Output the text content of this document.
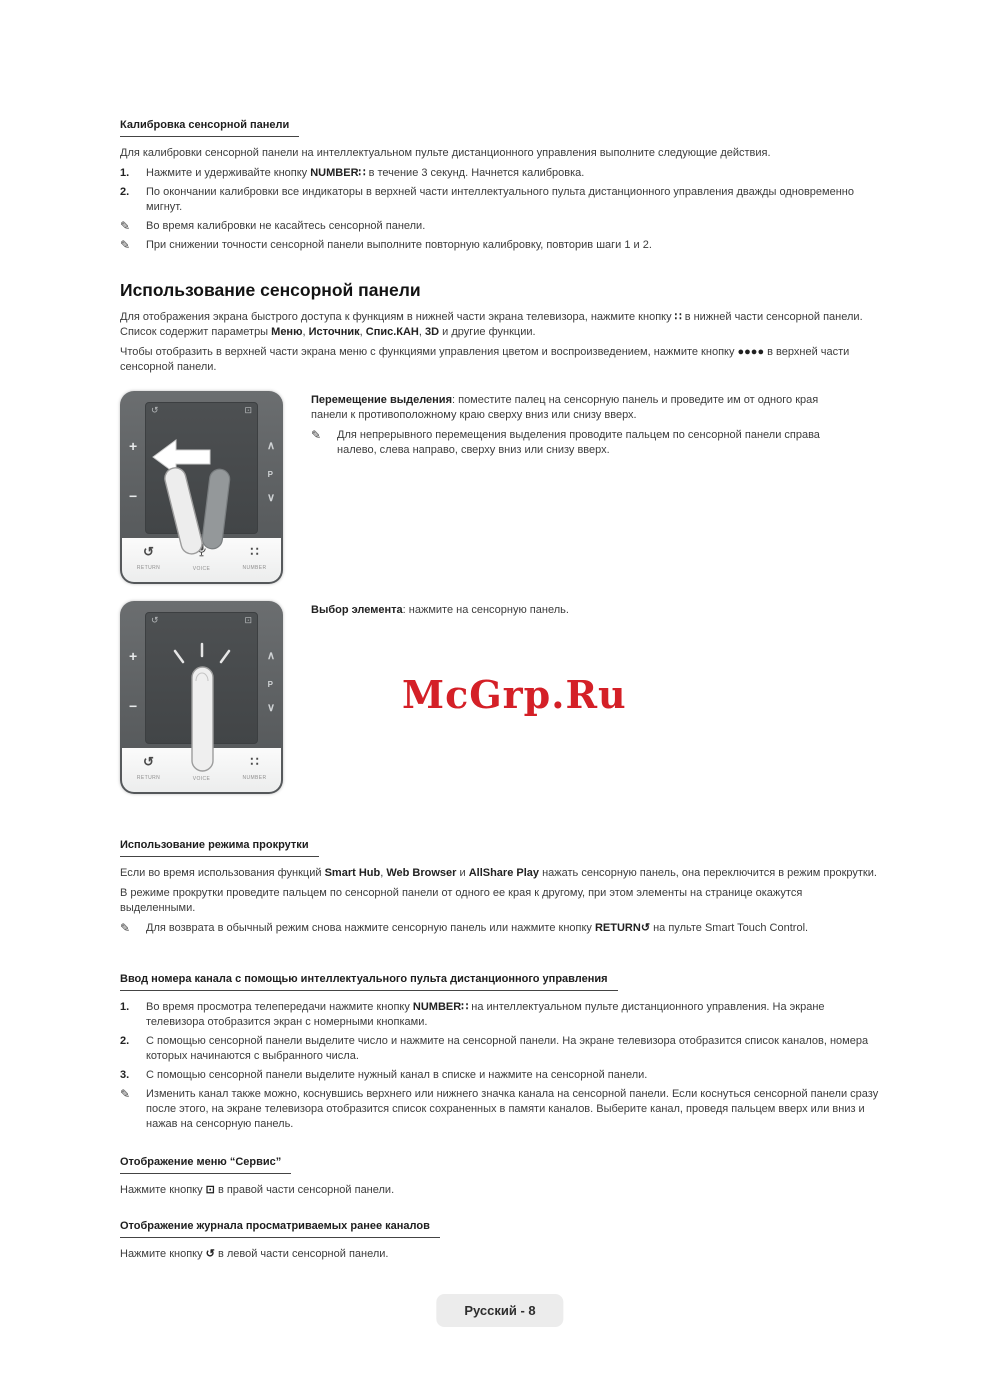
Калибровка сенсорной панели

Для калибровки сенсорной панели на интеллектуальном пульте дистанционного управления выполните следующие действия.

1.	Нажмите и удерживайте кнопку NUMBER∷ в течение 3 секунд. Начнется калибровка.
2.	По окончании калибровки все индикаторы в верхней части интеллектуального пульта дистанционного управления дважды одновременно мигнут.
✎	Во время калибровки не касайтесь сенсорной панели.
✎	При снижении точности сенсорной панели выполните повторную калибровку, повторив шаги 1 и 2.
Использование сенсорной панели

Для отображения экрана быстрого доступа к функциям в нижней части экрана телевизора, нажмите кнопку ∷ в нижней части сенсорной панели. Список содержит параметры Меню, Источник, Спис.КАН, 3D и другие функции.

Чтобы отобразить в верхней части экрана меню с функциями управления цветом и воспроизведением, нажмите кнопку ●●●● в верхней части сенсорной панели.

↺	⊡
+
−
∧
P
∨
↺
RETURN	VOICE
∷
NUMBER

Перемещение выделения: поместите палец на сенсорную панель и проведите им от одного края панели к противоположному краю сверху вниз или снизу вверх.

✎	Для непрерывного перемещения выделения проводите пальцем по сенсорной панели справа налево, слева направо, сверху вниз или снизу вверх.
↺	⊡
+
−
∧
P
∨
↺
RETURN	VOICE
∷
NUMBER

Выбор элемента: нажмите на сенсорную панель.

Использование режима прокрутки

Если во время использования функций Smart Hub, Web Browser и AllShare Play нажать сенсорную панель, она переключится в режим прокрутки.

В режиме прокрутки проведите пальцем по сенсорной панели от одного ее края к другому, при этом элементы на странице окажутся выделенными.

✎	Для возврата в обычный режим снова нажмите сенсорную панель или нажмите кнопку RETURN↺ на пульте Smart Touch Control.
Ввод номера канала с помощью интеллектуального пульта дистанционного управления
1.	Во время просмотра телепередачи нажмите кнопку NUMBER∷ на интеллектуальном пульте дистанционного управления. На экране телевизора отобразится экран с номерными кнопками.
2.	С помощью сенсорной панели выделите число и нажмите на сенсорной панели. На экране телевизора отобразится список каналов, номера которых начинаются с выбранного числа.
3.	С помощью сенсорной панели выделите нужный канал в списке и нажмите на сенсорной панели.
✎	Изменить канал также можно, коснувшись верхнего или нижнего значка канала на сенсорной панели. Если коснуться сенсорной панели сразу после этого, на экране телевизора отобразится список сохраненных в памяти каналов. Выберите канал, проведя пальцем вверх или вниз и нажав на сенсорную панель.
Отображение меню “Сервис”

Нажмите кнопку ⊡ в правой части сенсорной панели.

Отображение журнала просматриваемых ранее каналов

Нажмите кнопку ↺ в левой части сенсорной панели.

McGrp.Ru
Русский - 8
